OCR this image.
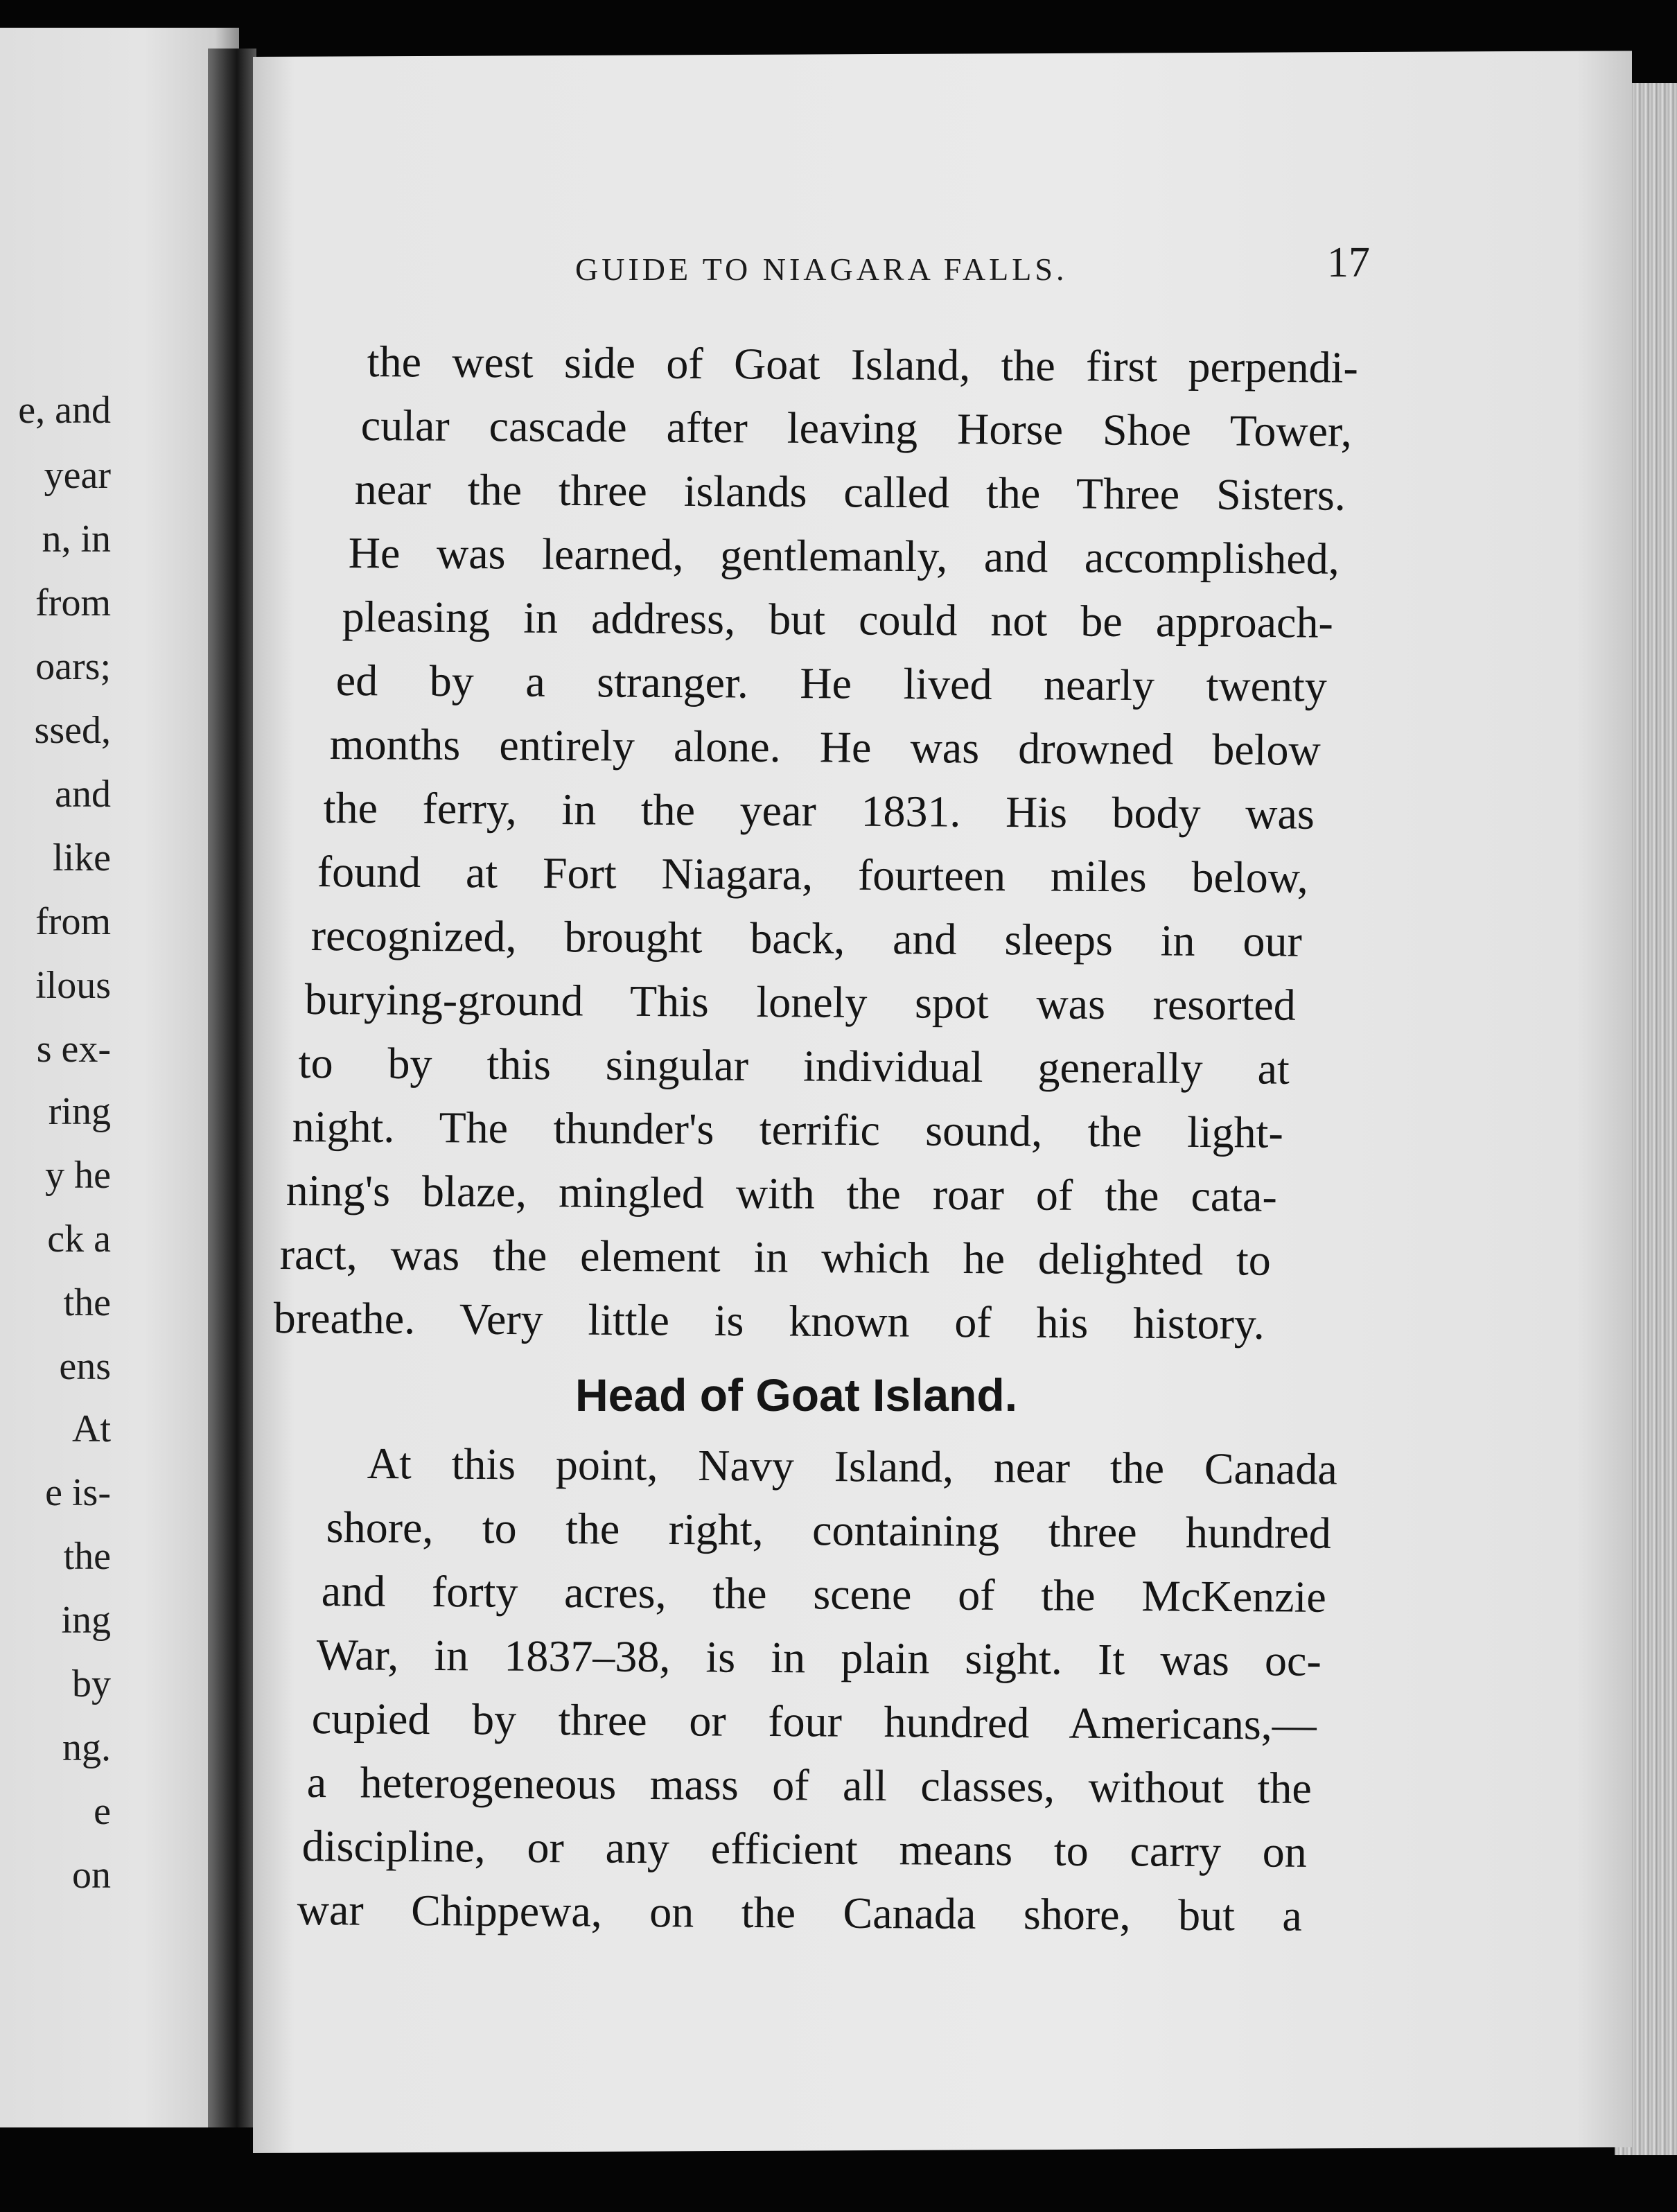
e, and
year
n, in
from
oars;
ssed,
and
like
from
ilous
s ex-
ring
y he
ck a
the
ens
At
e is-
the
ing
by
ng.
e
on
GUIDE TO NIAGARA FALLS.	17
the west side of Goat Island, the first perpendi-
cular cascade after leaving Horse Shoe Tower,
near the three islands called the Three Sisters.
He was learned, gentlemanly, and accomplished,
pleasing in address, but could not be approach-
ed by a stranger. He lived nearly twenty
months entirely alone. He was drowned below
the ferry, in the year 1831. His body was
found at Fort Niagara, fourteen miles below,
recognized, brought back, and sleeps in our
burying-ground This lonely spot was resorted
to by this singular individual generally at
night. The thunder's terrific sound, the light-
ning's blaze, mingled with the roar of the cata-
ract, was the element in which he delighted to
breathe. Very little is known of his history.
At this point, Navy Island, near the Canada
shore, to the right, containing three hundred
and forty acres, the scene of the McKenzie
War, in 1837–38, is in plain sight. It was oc-
cupied by three or four hundred Americans,—
a heterogeneous mass of all classes, without the
discipline, or any efficient means to carry on
war Chippewa, on the Canada shore, but a
Head of Goat Island.
